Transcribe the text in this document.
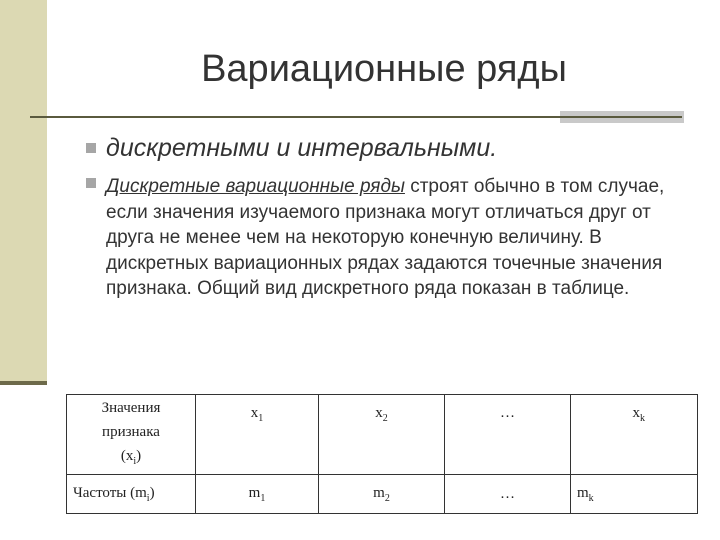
Вариационные ряды
дискретными и интервальными.
Дискретные вариационные ряды строят обычно в том случае, если значения изучаемого признака могут отличаться друг от друга не менее чем на некоторую конечную величину. В дискретных вариационных рядах задаются точечные значения признака. Общий вид дискретного ряда показан в таблице.
Значения
признака
$(x_i)$	$x_1$	$x_2$	…	$x_k$
Частоты $(m_i)$	$m_1$	$m_2$	…	$m_k$
